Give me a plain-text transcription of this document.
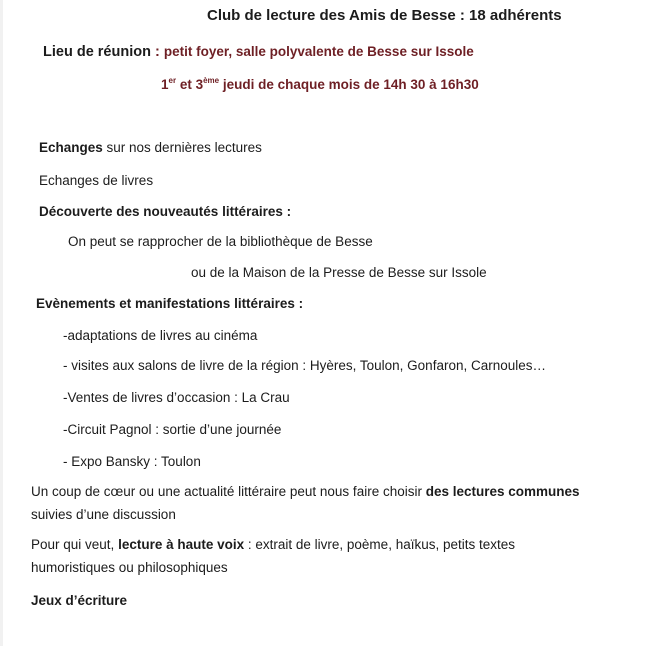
Club de lecture des Amis de Besse : 18 adhérents
Lieu de réunion : petit foyer, salle polyvalente de Besse sur Issole
1er et 3ème jeudi de chaque mois de 14h 30 à 16h30
Echanges sur nos dernières lectures
Echanges de livres
Découverte des nouveautés littéraires :
On peut se rapprocher de la bibliothèque de Besse
ou de la Maison de la Presse de Besse sur Issole
Evènements et manifestations littéraires :
-adaptations de livres au cinéma
- visites aux salons de livre de la région : Hyères, Toulon, Gonfaron, Carnoules…
-Ventes de livres d’occasion : La Crau
-Circuit Pagnol : sortie d’une journée
- Expo Bansky : Toulon
Un coup de cœur ou une actualité littéraire peut nous faire choisir des lectures communes
suivies d’une discussion
Pour qui veut, lecture à haute voix : extrait de livre, poème, haïkus, petits textes
humoristiques ou philosophiques
Jeux d’écriture
